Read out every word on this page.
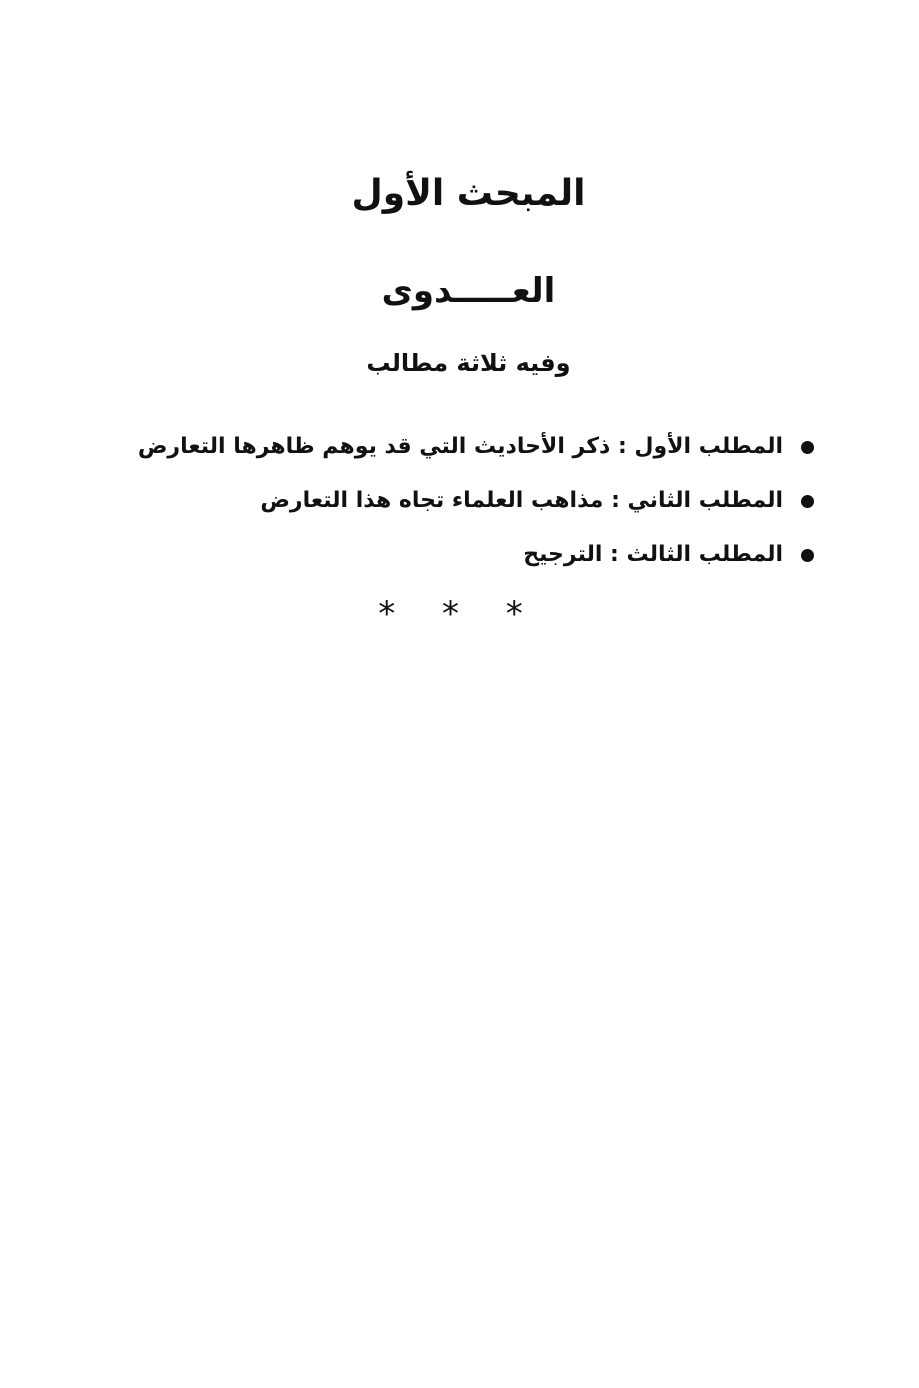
المبحث الأول
العـــــدوى
وفيه ثلاثة مطالب
المطلب الأول : ذكر الأحاديث التي قد يوهم ظاهرها التعارض
المطلب الثاني : مذاهب العلماء تجاه هذا التعارض
المطلب الثالث : الترجيح
* * *
